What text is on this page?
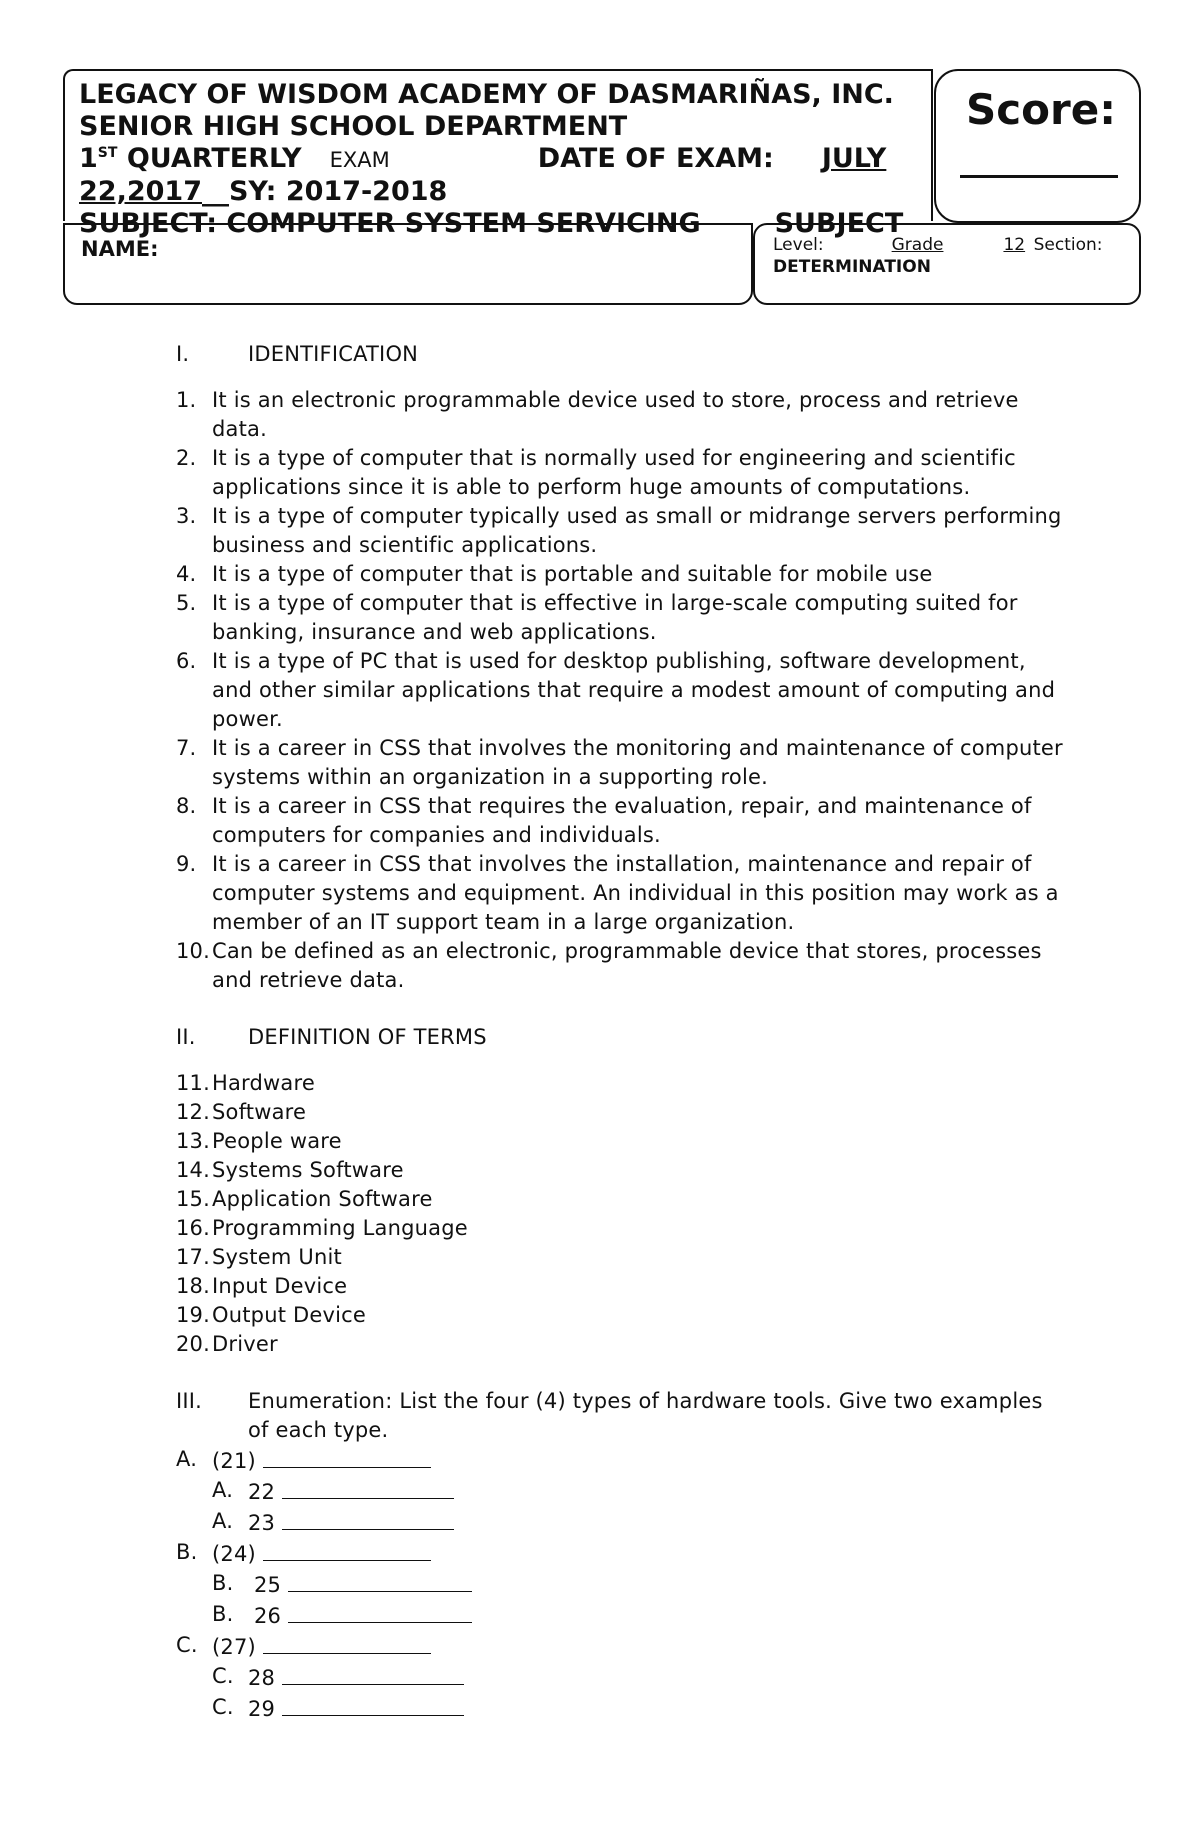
LEGACY OF WISDOM ACADEMY OF DASMARIÑAS, INC.
SENIOR HIGH SCHOOL DEPARTMENT
1ST QUARTERLY EXAM	DATE OF EXAM: JULY
22,2017__SY: 2017-2018
SUBJECT: COMPUTER SYSTEM SERVICING	SUBJECT
Score:
NAME:	Level:	Grade	12 Section:
DETERMINATION
I.	IDENTIFICATION
1. It is an electronic programmable device used to store, process and retrieve data.
2. It is a type of computer that is normally used for engineering and scientific applications since it is able to perform huge amounts of computations.
3. It is a type of computer typically used as small or midrange servers performing business and scientific applications.
4. It is a type of computer that is portable and suitable for mobile use
5. It is a type of computer that is effective in large-scale computing suited for banking, insurance and web applications.
6. It is a type of PC that is used for desktop publishing, software development, and other similar applications that require a modest amount of computing and power.
7. It is a career in CSS that involves the monitoring and maintenance of computer systems within an organization in a supporting role.
8. It is a career in CSS that requires the evaluation, repair, and maintenance of computers for companies and individuals.
9. It is a career in CSS that involves the installation, maintenance and repair of computer systems and equipment. An individual in this position may work as a member of an IT support team in a large organization.
10. Can be defined as an electronic, programmable device that stores, processes and retrieve data.
II. DEFINITION OF TERMS
11. Hardware
12. Software
13. People ware
14. Systems Software
15. Application Software
16. Programming Language
17. System Unit
18. Input Device
19. Output Device
20. Driver
III. Enumeration: List the four (4) types of hardware tools. Give two examples of each type.
A. (21)
A. 22
A. 23
B. (24)
B. 25
B. 26
C. (27)
C. 28
C. 29
